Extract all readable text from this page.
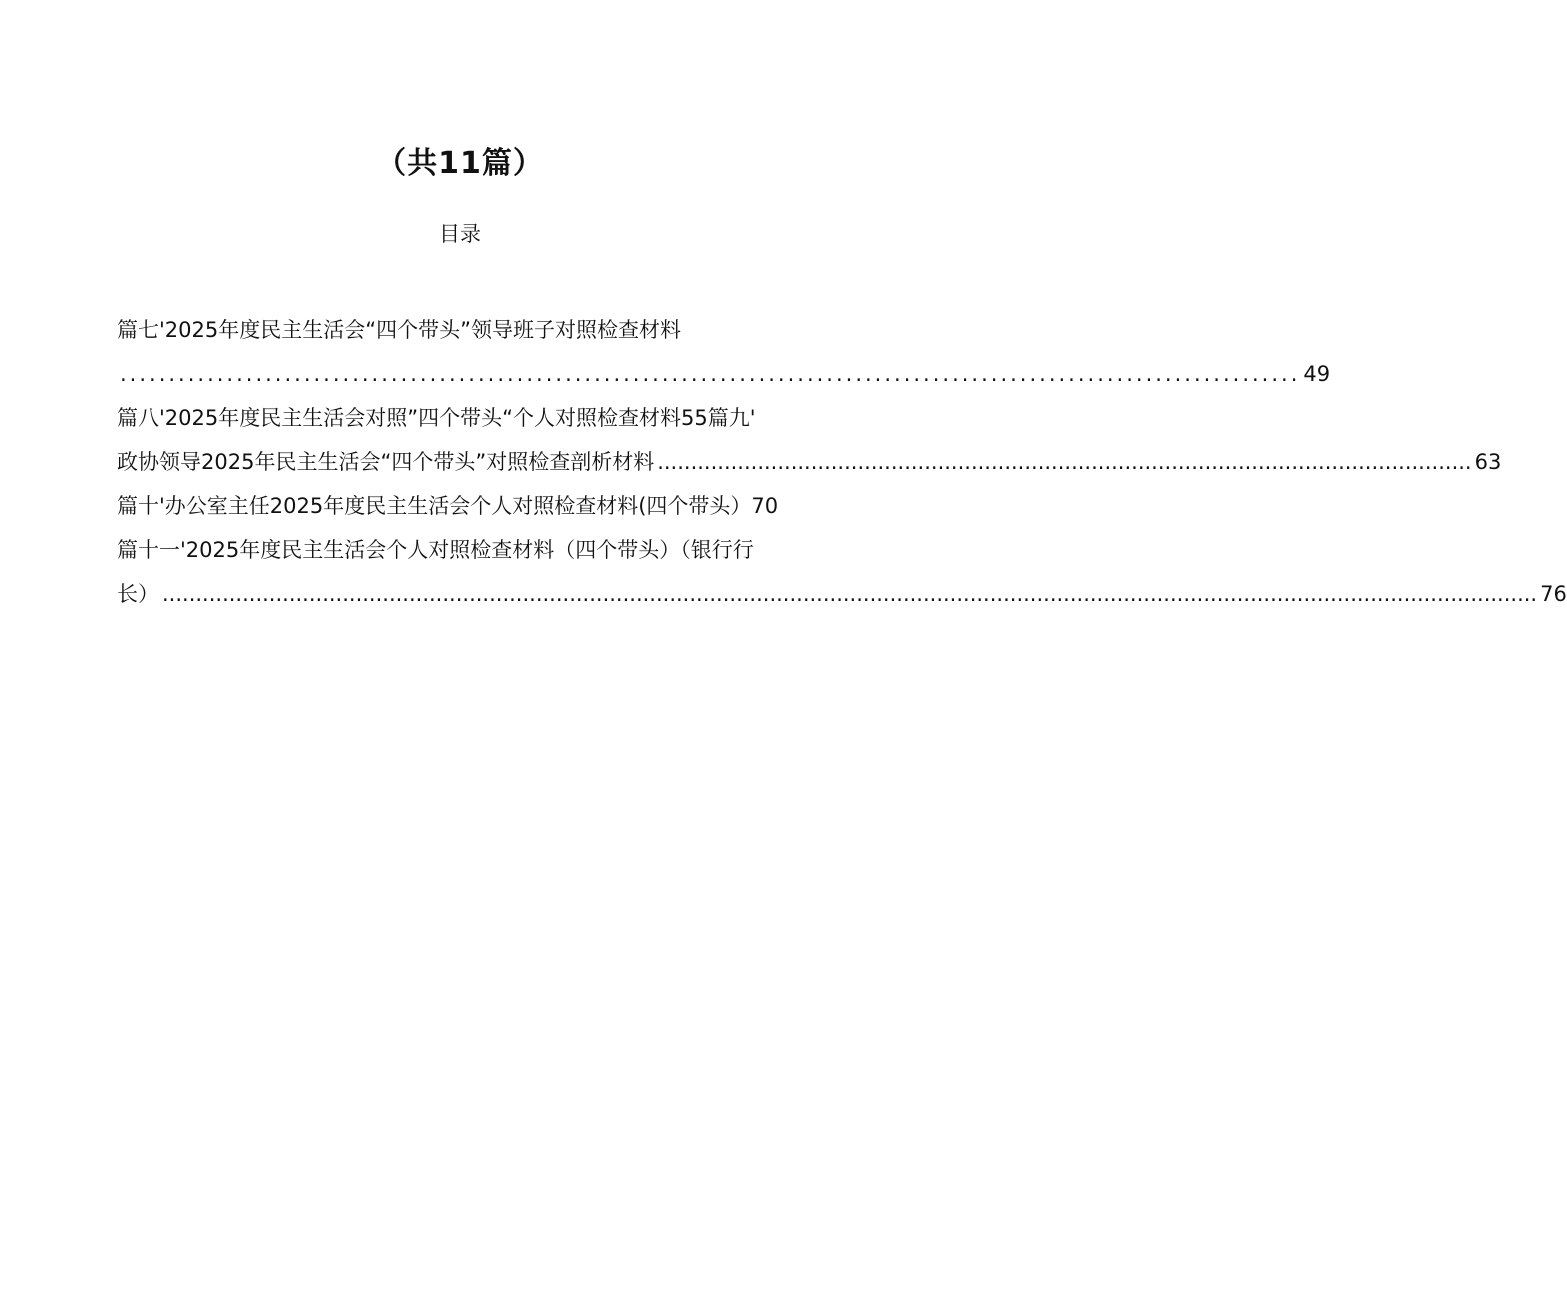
（共11篇）
目录
篇七'2025年度民主生活会“四个带头”领导班子对照检查材料
.......................................................................................................................... 49
篇八'2025年度民主生活会对照”四个带头“个人对照检查材料55篇九'
政协领导2025年民主生活会“四个带头”对照检查剖析材料 .......................................................................................................................... 63
篇十'办公室主任2025年度民主生活会个人对照检查材料(四个带头）70
篇十一'2025年度民主生活会个人对照检查材料（四个带头）（银行行
长） .............................................................................................................................................................................................................. 76
